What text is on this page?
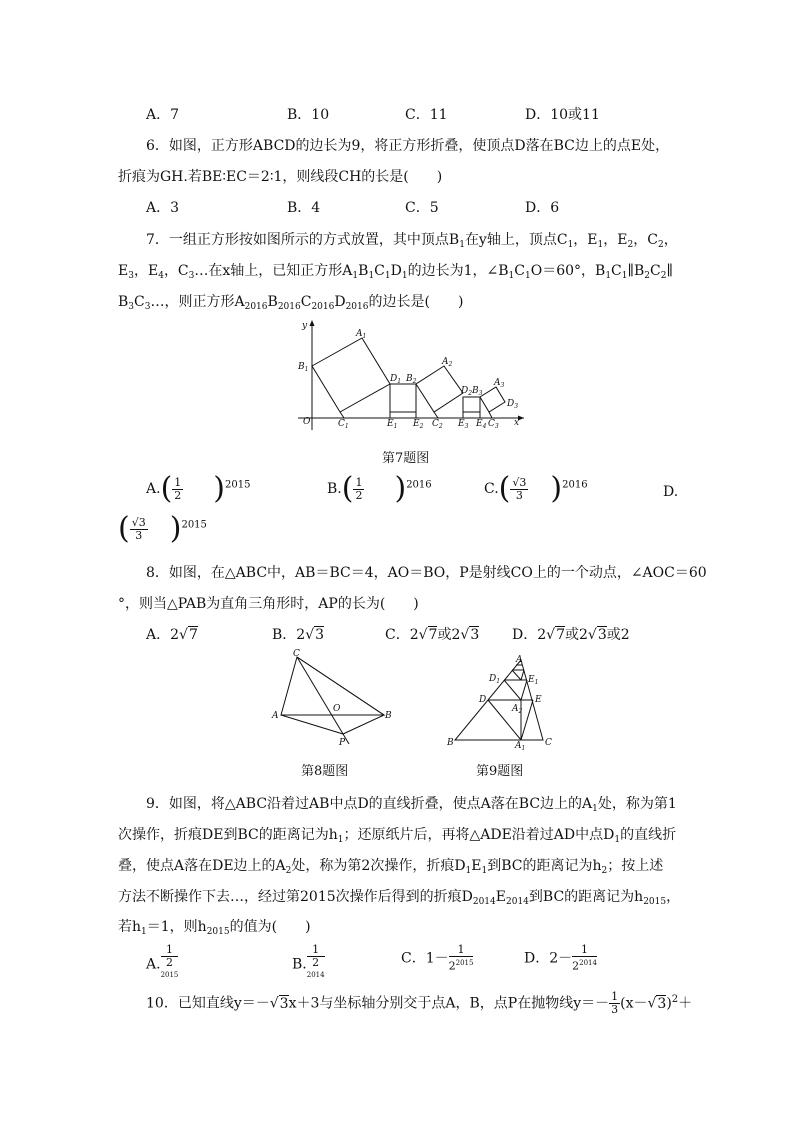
A．7	B．10	C．11	D．10或11
6．如图，正方形ABCD的边长为9，将正方形折叠，使顶点D落在BC边上的点E处，
折痕为GH.若BE∶EC＝2∶1，则线段CH的长是(　　)
A．3	B．4	C．5	D．6
7．一组正方形按如图所示的方式放置，其中顶点$B_1$在y轴上，顶点$C_1$，$E_1$，$E_2$，$C_2$，
$E_3$，$E_4$，$C_3\dots$在x轴上，已知正方形$A_1B_1C_1D_1$的边长为1，$\angle B_1C_1O=60^\circ$，$B_1C_1\parallel B_2C_2\parallel$
$B_3C_3\dots$，则正方形$A_{2016}B_{2016}C_{2016}D_{2016}$的边长是(　　)
y
x
O
$B_1$
$A_1$
$C_1$
$D_1$ $B_2$
$E_1$ $E_2$ $C_2$
$A_2$
$D_2$ $B_3$
$E_3$ $E_4$ $C_3$
$A_3$
$D_3$
第7题图
$A.( \frac{1}{2} )^{2015}$	$B.( \frac{1}{2} )^{2016}$	$C.( \frac{√3}{3} )^{2016}$	D.
( $\frac{√3}{3} )^{2015}$
8．如图，在△ABC中，AB＝BC＝4，AO＝BO，P是射线CO上的一个动点，∠AOC＝60
°，则当△PAB为直角三角形时，AP的长为(　　)
A．2√7	B．2√3	C．2√7或2√3 D．2√7或2√3或2
C
A
O
B
P
第8题图
A
$D_1$	$E_1$
D	E
$A_2$
B	$A_1$
C
第9题图
9．如图，将△ABC沿着过AB中点D的直线折叠，使点A落在BC边上的$A_1$处，称为第1
次操作，折痕DE到BC的距离记为$h_1$；还原纸片后，再将△ADE沿着过AD中点$D_1$的直线折
叠，使点A落在DE边上的$A_2$处，称为第2次操作，折痕$D_1E_1$到BC的距离记为$h_2$；按上述
方法不断操作下去…，经过第2015次操作后得到的折痕$D_{2014}E_{2014}$到BC的距离记为$h_{2015}$，
若$h_1=1$，则$h_{2015}$的值为(　　)
A. 1
2
$^{2015}$	B. 1
2
$^{2014}$	C．$1- \frac{1}{2^{2015}}$	D．$2- \frac{1}{2^{2014}}$
10．已知直线y＝－√3x＋3与坐标轴分别交于点A，B，点P在抛物线$y=- \frac{1}{3} (x-√3)^2+$
